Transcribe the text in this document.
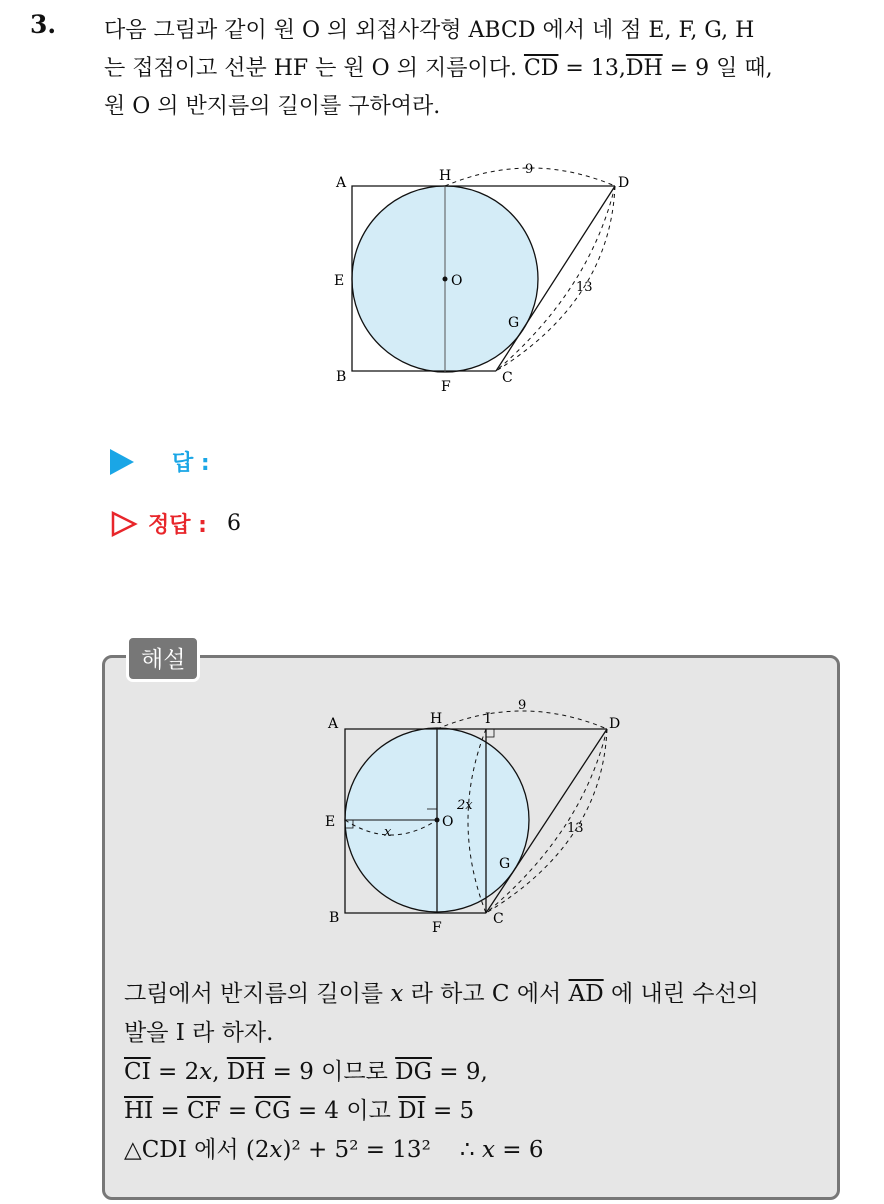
3. 다음 그림과 같이 원 O 의 외접사각형 ABCD 에서 네 점 E, F, G, H
는 접점이고 선분 HF 는 원 O 의 지름이다. $\overline{CD} = 13,\overline{DH} = 9$ 일 때,
원 O 의 반지름의 길이를 구하여라.
A	H	D
E	O
G
B
F
C
9
13
답 :
정답 : 6
해설
A	H	I	D
E	O
G
B
F
C
9
13
2x
x
그림에서 반지름의 길이를 x 라 하고 C 에서 $\overline{AD}$ 에 내린 수선의
발을 I 라 하자.
$\overline{CI} = 2x$, $\overline{DH} = 9$ 이므로 $\overline{DG} = 9$,
$\overline{HI} = \overline{CF} = \overline{CG} = 4$ 이고 $\overline{DI} = 5$
△CDI 에서 (2x)² + 5² = 13²    ∴ x = 6
